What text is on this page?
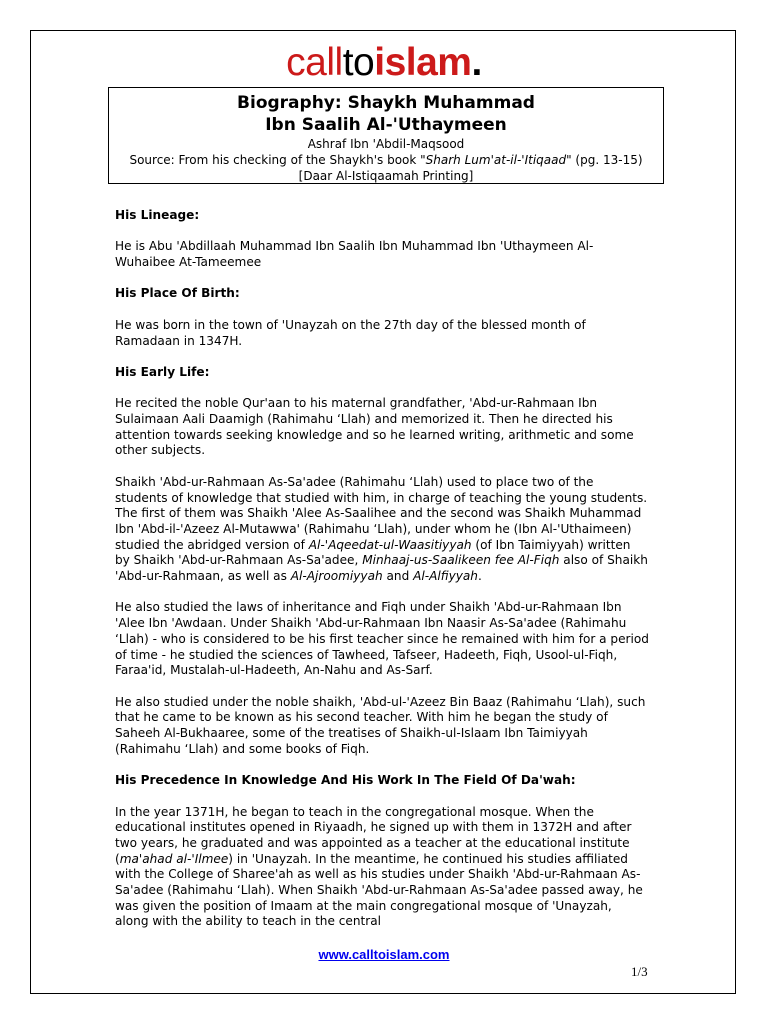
calltoislam.
Biography: Shaykh Muhammad
Ibn Saalih Al-'Uthaymeen
Ashraf Ibn 'Abdil-Maqsood
Source: From his checking of the Shaykh's book "Sharh Lum'at-il-'Itiqaad" (pg. 13-15) [Daar Al-Istiqaamah Printing]
His Lineage:

He is Abu 'Abdillaah Muhammad Ibn Saalih Ibn Muhammad Ibn 'Uthaymeen Al-Wuhaibee At-Tameemee

His Place Of Birth:

He was born in the town of 'Unayzah on the 27th day of the blessed month of Ramadaan in 1347H.

His Early Life:

He recited the noble Qur'aan to his maternal grandfather, 'Abd-ur-Rahmaan Ibn Sulaimaan Aali Daamigh (Rahimahu ‘Llah) and memorized it. Then he directed his attention towards seeking knowledge and so he learned writing, arithmetic and some other subjects.

Shaikh 'Abd-ur-Rahmaan As-Sa'adee (Rahimahu ‘Llah) used to place two of the students of knowledge that studied with him, in charge of teaching the young students. The first of them was Shaikh 'Alee As-Saalihee and the second was Shaikh Muhammad Ibn 'Abd-il-'Azeez Al-Mutawwa' (Rahimahu ‘Llah), under whom he (Ibn Al-'Uthaimeen) studied the abridged version of Al-'Aqeedat-ul-Waasitiyyah (of Ibn Taimiyyah) written by Shaikh 'Abd-ur-Rahmaan As-Sa'adee, Minhaaj-us-Saalikeen fee Al-Fiqh also of Shaikh 'Abd-ur-Rahmaan, as well as Al-Ajroomiyyah and Al-Alfiyyah.

He also studied the laws of inheritance and Fiqh under Shaikh 'Abd-ur-Rahmaan Ibn 'Alee Ibn 'Awdaan. Under Shaikh 'Abd-ur-Rahmaan Ibn Naasir As-Sa'adee (Rahimahu ‘Llah) - who is considered to be his first teacher since he remained with him for a period of time - he studied the sciences of Tawheed, Tafseer, Hadeeth, Fiqh, Usool-ul-Fiqh, Faraa'id, Mustalah-ul-Hadeeth, An-Nahu and As-Sarf.

He also studied under the noble shaikh, 'Abd-ul-'Azeez Bin Baaz (Rahimahu ‘Llah), such that he came to be known as his second teacher. With him he began the study of Saheeh Al-Bukhaaree, some of the treatises of Shaikh-ul-Islaam Ibn Taimiyyah (Rahimahu ‘Llah) and some books of Fiqh.

His Precedence In Knowledge And His Work In The Field Of Da'wah:

In the year 1371H, he began to teach in the congregational mosque. When the educational institutes opened in Riyaadh, he signed up with them in 1372H and after two years, he graduated and was appointed as a teacher at the educational institute (ma'ahad al-'Ilmee) in 'Unayzah. In the meantime, he continued his studies affiliated with the College of Sharee'ah as well as his studies under Shaikh 'Abd-ur-Rahmaan As-Sa'adee (Rahimahu ‘Llah). When Shaikh 'Abd-ur-Rahmaan As-Sa'adee passed away, he was given the position of Imaam at the main congregational mosque of 'Unayzah, along with the ability to teach in the central

www.calltoislam.com
1/3
